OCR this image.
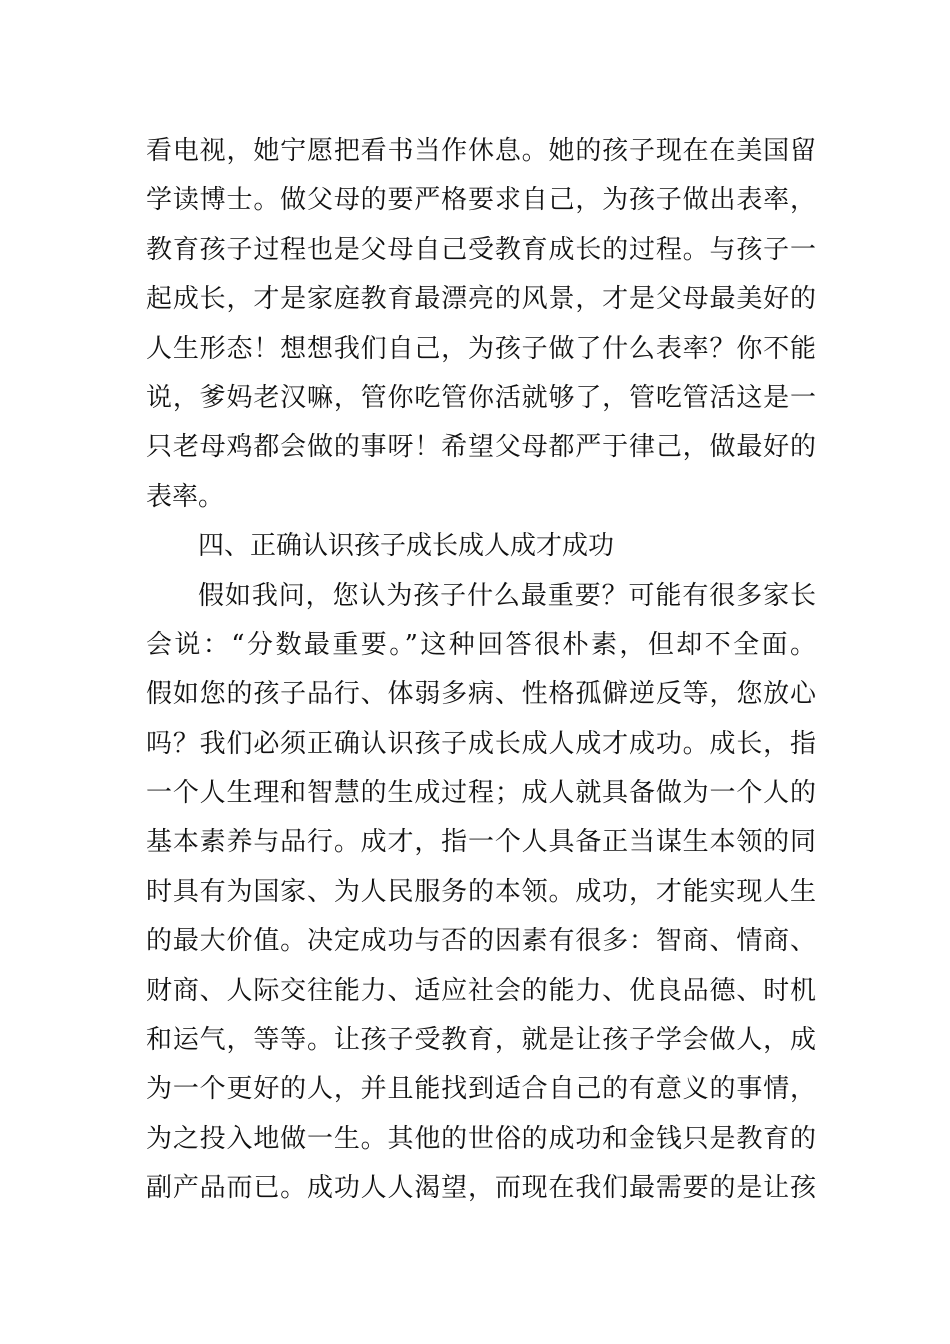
看电视，她宁愿把看书当作休息。她的孩子现在在美国留
学读博士。做父母的要严格要求自己，为孩子做出表率，
教育孩子过程也是父母自己受教育成长的过程。与孩子一
起成长，才是家庭教育最漂亮的风景，才是父母最美好的
人生形态！想想我们自己，为孩子做了什么表率？你不能
说，爹妈老汉嘛，管你吃管你活就够了，管吃管活这是一
只老母鸡都会做的事呀！希望父母都严于律己，做最好的
表率。
四、正确认识孩子成长成人成才成功
假如我问，您认为孩子什么最重要？可能有很多家长
会说：“分数最重要。”这种回答很朴素，但却不全面。
假如您的孩子品行、体弱多病、性格孤僻逆反等，您放心
吗？我们必须正确认识孩子成长成人成才成功。成长，指
一个人生理和智慧的生成过程；成人就具备做为一个人的
基本素养与品行。成才，指一个人具备正当谋生本领的同
时具有为国家、为人民服务的本领。成功，才能实现人生
的最大价值。决定成功与否的因素有很多：智商、情商、
财商、人际交往能力、适应社会的能力、优良品德、时机
和运气，等等。让孩子受教育，就是让孩子学会做人，成
为一个更好的人，并且能找到适合自己的有意义的事情，
为之投入地做一生。其他的世俗的成功和金钱只是教育的
副产品而已。成功人人渴望，而现在我们最需要的是让孩
